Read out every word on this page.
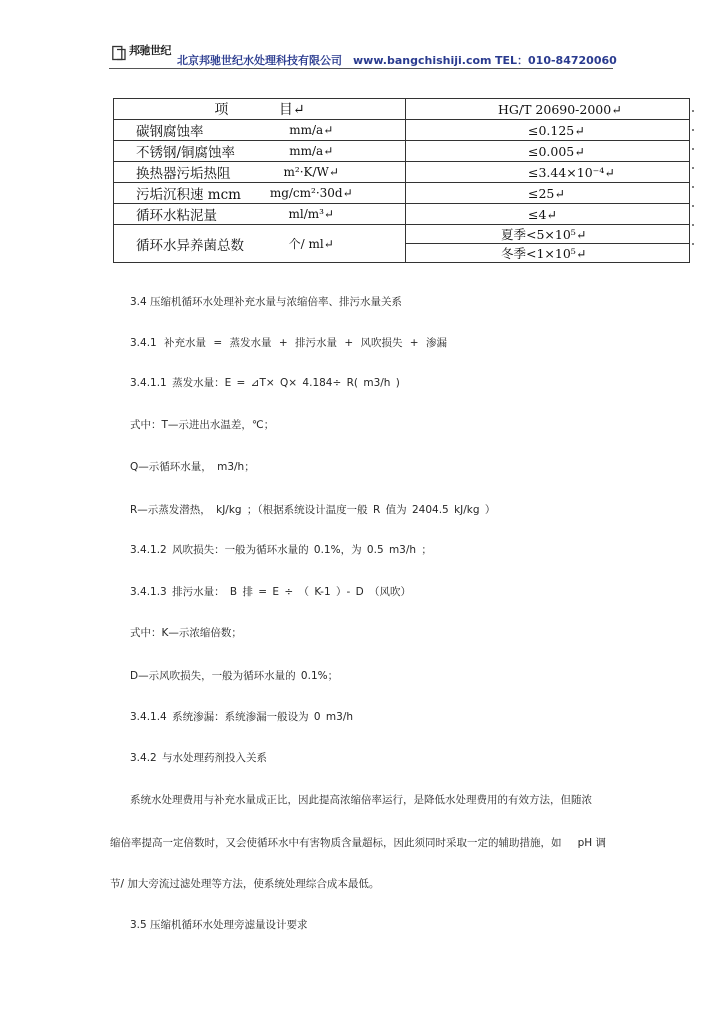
邦驰世纪
北京邦驰世纪水处理科技有限公司 www.bangchishiji.com TEL：010-84720060
项 目↵		HG/T 20690-2000↵
碳钢腐蚀率	mm/a↵	≤0.125↵
不锈钢/铜腐蚀率	mm/a↵	≤0.005↵
换热器污垢热阻	m²·K/W↵	≤3.44×10⁻⁴↵
污垢沉积速 mcm	mg/cm²·30d↵	≤25↵
循环水粘泥量	ml/m³↵	≤4↵
循环水异养菌总数	个/ ml↵	夏季<5×10⁵↵
		冬季<1×10⁵↵
3.4 压缩机循环水处理补充水量与浓缩倍率、排污水量关系
3.4.1 补充水量 = 蒸发水量 + 排污水量 + 风吹损失 + 渗漏
3.4.1.1 蒸发水量：E = ⊿T× Q× 4.184÷ R( m3/h )
式中：T—示进出水温差，℃；
Q—示循环水量， m3/h；
R—示蒸发潜热， kJ/kg ；（根据系统设计温度一般 R 值为 2404.5 kJ/kg ）
3.4.1.2 风吹损失：一般为循环水量的 0.1%，为 0.5 m3/h ；
3.4.1.3 排污水量： B 排 = E ÷ （ K-1 ）- D （风吹）
式中：K—示浓缩倍数；
D—示风吹损失，一般为循环水量的 0.1%；
3.4.1.4 系统渗漏：系统渗漏一般设为 0 m3/h
3.4.2 与水处理药剂投入关系
系统水处理费用与补充水量成正比，因此提高浓缩倍率运行，是降低水处理费用的有效方法，但随浓
缩倍率提高一定倍数时，又会使循环水中有害物质含量超标，因此须同时采取一定的辅助措施，如 pH 调
节/ 加大旁流过滤处理等方法，使系统处理综合成本最低。
3.5 压缩机循环水处理旁滤量设计要求
